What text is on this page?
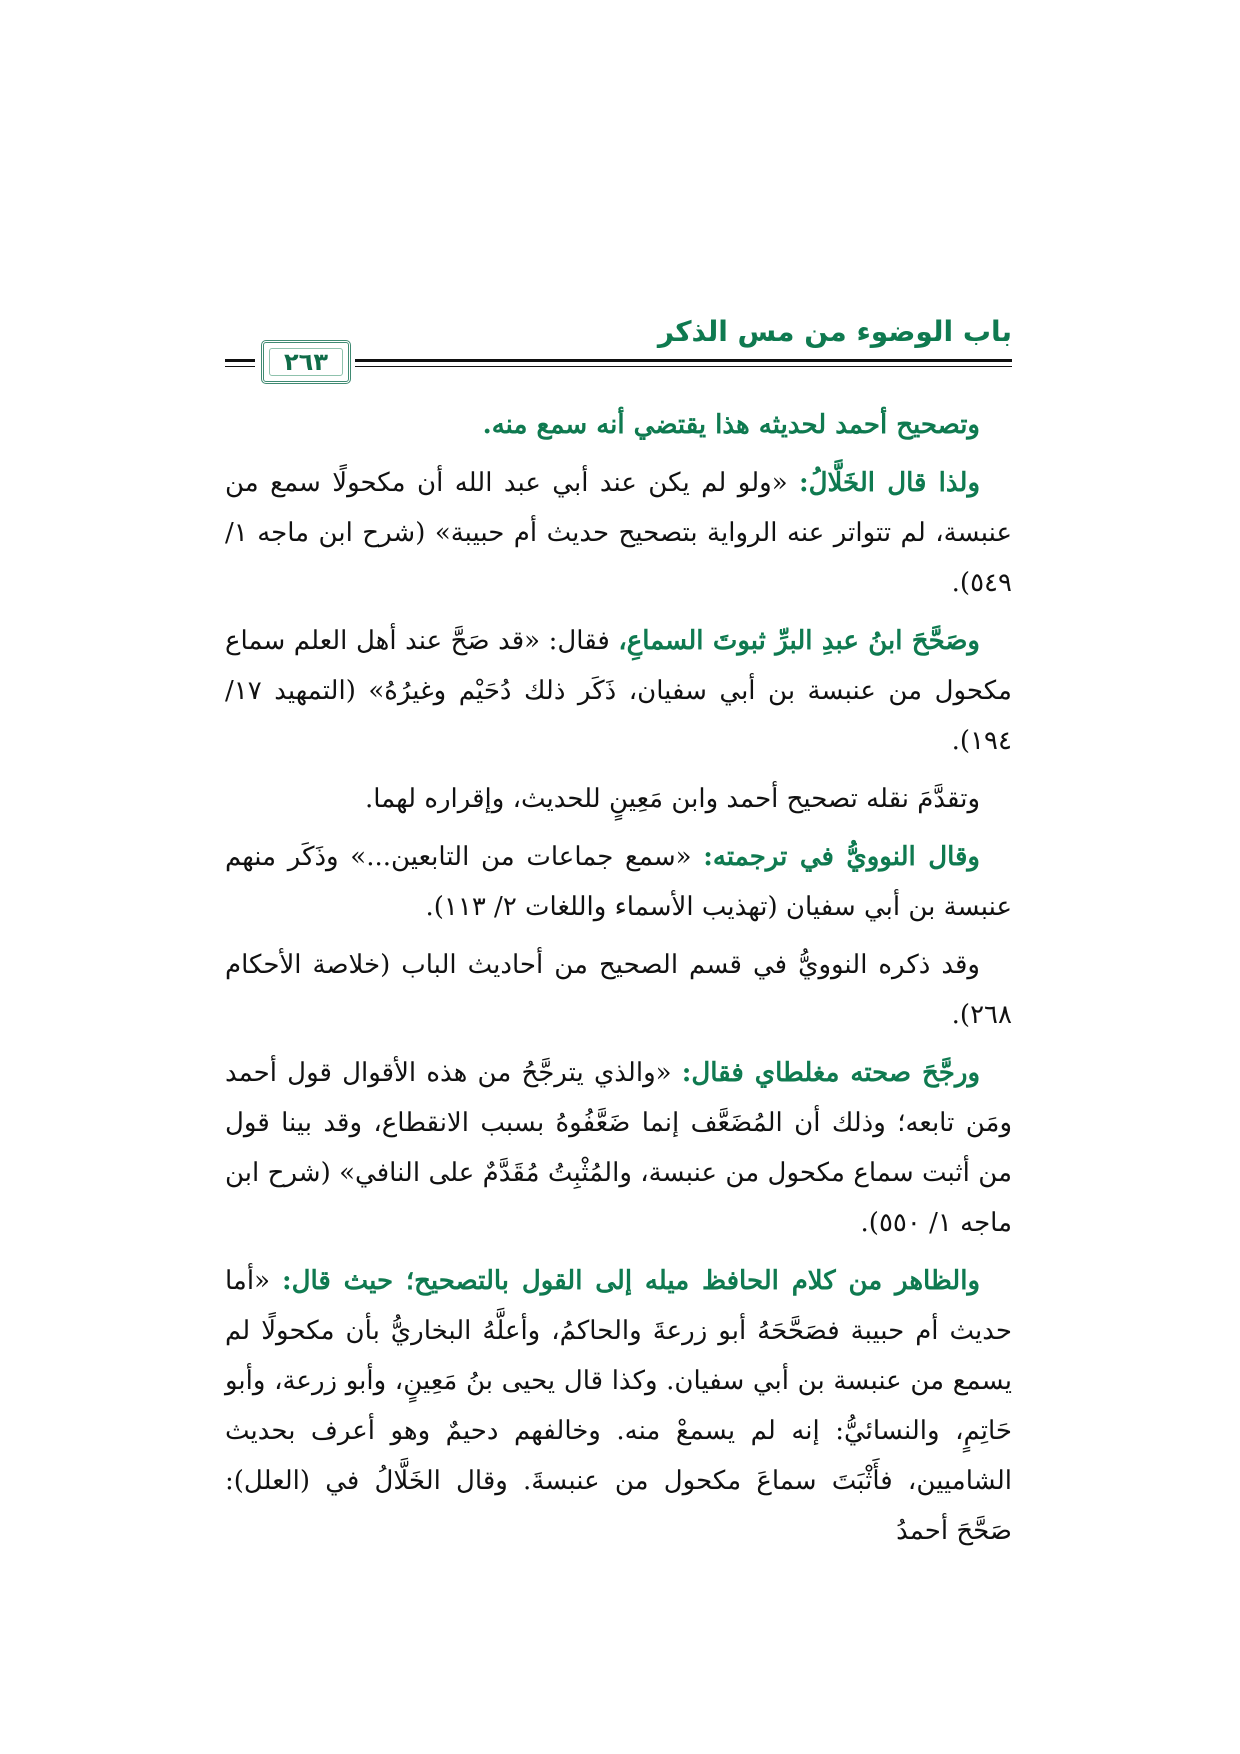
باب الوضوء من مس الذكر
٢٦٣

وتصحيح أحمد لحديثه هذا يقتضي أنه سمع منه.

ولذا قال الخَلَّالُ: «ولو لم يكن عند أبي عبد الله أن مكحولًا سمع من عنبسة، لم تتواتر عنه الرواية بتصحيح حديث أم حبيبة» (شرح ابن ماجه ١/ ٥٤٩).

وصَحَّحَ ابنُ عبدِ البرِّ ثبوتَ السماعِ، فقال: «قد صَحَّ عند أهل العلم سماع مكحول من عنبسة بن أبي سفيان، ذَكَر ذلك دُحَيْم وغيرُهُ» (التمهيد ١٧/ ١٩٤).

وتقدَّمَ نقله تصحيح أحمد وابن مَعِينٍ للحديث، وإقراره لهما.

وقال النوويُّ في ترجمته: «سمع جماعات من التابعين...» وذَكَر منهم عنبسة بن أبي سفيان (تهذيب الأسماء واللغات ٢/ ١١٣).

وقد ذكره النوويُّ في قسم الصحيح من أحاديث الباب (خلاصة الأحكام ٢٦٨).

ورجَّحَ صحته مغلطاي فقال: «والذي يترجَّحُ من هذه الأقوال قول أحمد ومَن تابعه؛ وذلك أن المُضَعَّف إنما ضَعَّفُوهُ بسبب الانقطاع، وقد بينا قول من أثبت سماع مكحول من عنبسة، والمُثْبِتُ مُقَدَّمٌ على النافي» (شرح ابن ماجه ١/ ٥٥٠).

والظاهر من كلام الحافظ ميله إلى القول بالتصحيح؛ حيث قال: «أما حديث أم حبيبة فصَحَّحَهُ أبو زرعةَ والحاكمُ، وأعلَّهُ البخاريُّ بأن مكحولًا لم يسمع من عنبسة بن أبي سفيان. وكذا قال يحيى بنُ مَعِينٍ، وأبو زرعة، وأبو حَاتِمٍ، والنسائيُّ: إنه لم يسمعْ منه. وخالفهم دحيمٌ وهو أعرف بحديث الشاميين، فأَثْبَتَ سماعَ مكحول من عنبسةَ. وقال الخَلَّالُ في (العلل): صَحَّحَ أحمدُ
